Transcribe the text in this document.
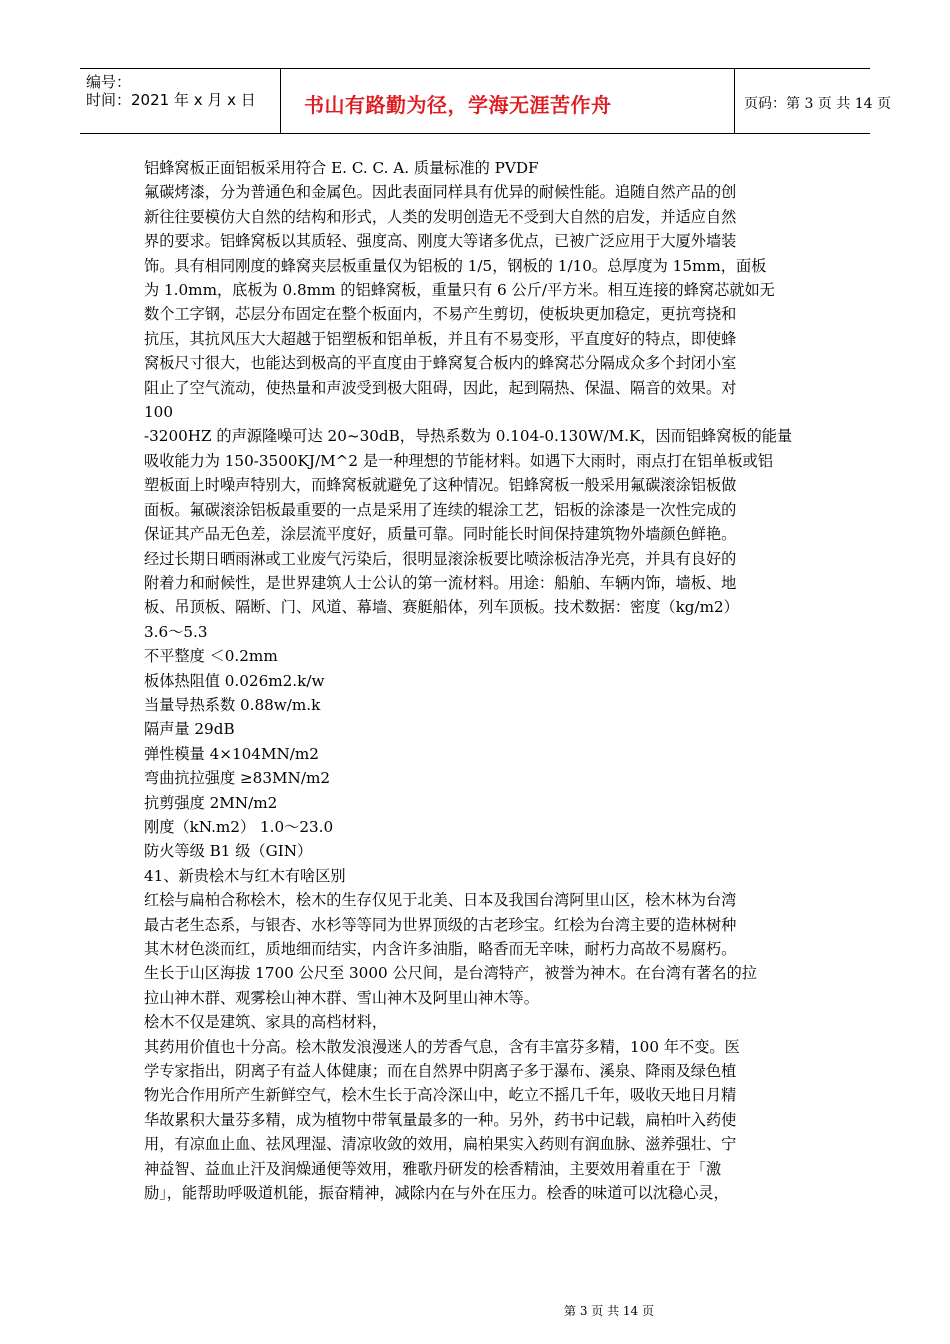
编号：
时间：2021 年 x 月 x 日 书山有路勤为径，学海无涯苦作舟	页码：第 3 页 共 14 页

铝蜂窝板正面铝板采用符合 E. C. C. A. 质量标准的 PVDF

氟碳烤漆，分为普通色和金属色。因此表面同样具有优异的耐候性能。追随自然产品的创

新往往要模仿大自然的结构和形式，人类的发明创造无不受到大自然的启发，并适应自然

界的要求。铝蜂窝板以其质轻、强度高、刚度大等诸多优点，已被广泛应用于大厦外墙装

饰。具有相同刚度的蜂窝夹层板重量仅为铝板的 1/5，钢板的 1/10。总厚度为 15mm，面板

为 1.0mm，底板为 0.8mm 的铝蜂窝板，重量只有 6 公斤/平方米。相互连接的蜂窝芯就如无

数个工字钢，芯层分布固定在整个板面内，不易产生剪切，使板块更加稳定，更抗弯挠和

抗压，其抗风压大大超越于铝塑板和铝单板，并且有不易变形，平直度好的特点，即使蜂

窝板尺寸很大，也能达到极高的平直度由于蜂窝复合板内的蜂窝芯分隔成众多个封闭小室

阻止了空气流动，使热量和声波受到极大阻碍，因此，起到隔热、保温、隔音的效果。对

100

-3200HZ 的声源隆噪可达 20~30dB，导热系数为 0.104-0.130W/M.K，因而铝蜂窝板的能量

吸收能力为 150-3500KJ/M^2 是一种理想的节能材料。如遇下大雨时，雨点打在铝单板或铝

塑板面上时噪声特别大，而蜂窝板就避免了这种情况。铝蜂窝板一般采用氟碳滚涂铝板做

面板。氟碳滚涂铝板最重要的一点是采用了连续的辊涂工艺，铝板的涂漆是一次性完成的

保证其产品无色差，涂层流平度好，质量可靠。同时能长时间保持建筑物外墙颜色鲜艳。

经过长期日晒雨淋或工业废气污染后，很明显滚涂板要比喷涂板洁净光亮，并具有良好的

附着力和耐候性，是世界建筑人士公认的第一流材料。用途：船舶、车辆内饰，墙板、地

板、吊顶板、隔断、门、风道、幕墙、赛艇船体，列车顶板。技术数据：密度（kg/m2）

3.6～5.3

不平整度 ＜0.2mm

板体热阻值 0.026m2.k/w

当量导热系数 0.88w/m.k

隔声量 29dB

弹性模量 4×104MN/m2

弯曲抗拉强度 ≥83MN/m2

抗剪强度 2MN/m2

刚度（kN.m2） 1.0～23.0

防火等级 B1 级（GIN）

41、新贵桧木与红木有啥区别

红桧与扁柏合称桧木，桧木的生存仅见于北美、日本及我国台湾阿里山区，桧木林为台湾

最古老生态系，与银杏、水杉等等同为世界顶级的古老珍宝。红桧为台湾主要的造林树种

其木材色淡而红，质地细而结实，内含许多油脂，略香而无辛味，耐朽力高故不易腐朽。

生长于山区海拔 1700 公尺至 3000 公尺间，是台湾特产，被誉为神木。在台湾有著名的拉

拉山神木群、观雾桧山神木群、雪山神木及阿里山神木等。

桧木不仅是建筑、家具的高档材料，

其药用价值也十分高。桧木散发浪漫迷人的芳香气息，含有丰富芬多精，100 年不变。医

学专家指出，阴离子有益人体健康；而在自然界中阴离子多于瀑布、溪泉、降雨及绿色植

物光合作用所产生新鲜空气，桧木生长于高冷深山中，屹立不摇几千年，吸收天地日月精

华故累积大量芬多精，成为植物中带氧量最多的一种。另外，药书中记载，扁柏叶入药使

用，有凉血止血、祛风理湿、清凉收敛的效用，扁柏果实入药则有润血脉、滋养强壮、宁

神益智、益血止汗及润燥通便等效用，雅歌丹研发的桧香精油，主要效用着重在于「激

励」，能帮助呼吸道机能，振奋精神，减除内在与外在压力。桧香的味道可以沈稳心灵，

第 3 页 共 14 页
